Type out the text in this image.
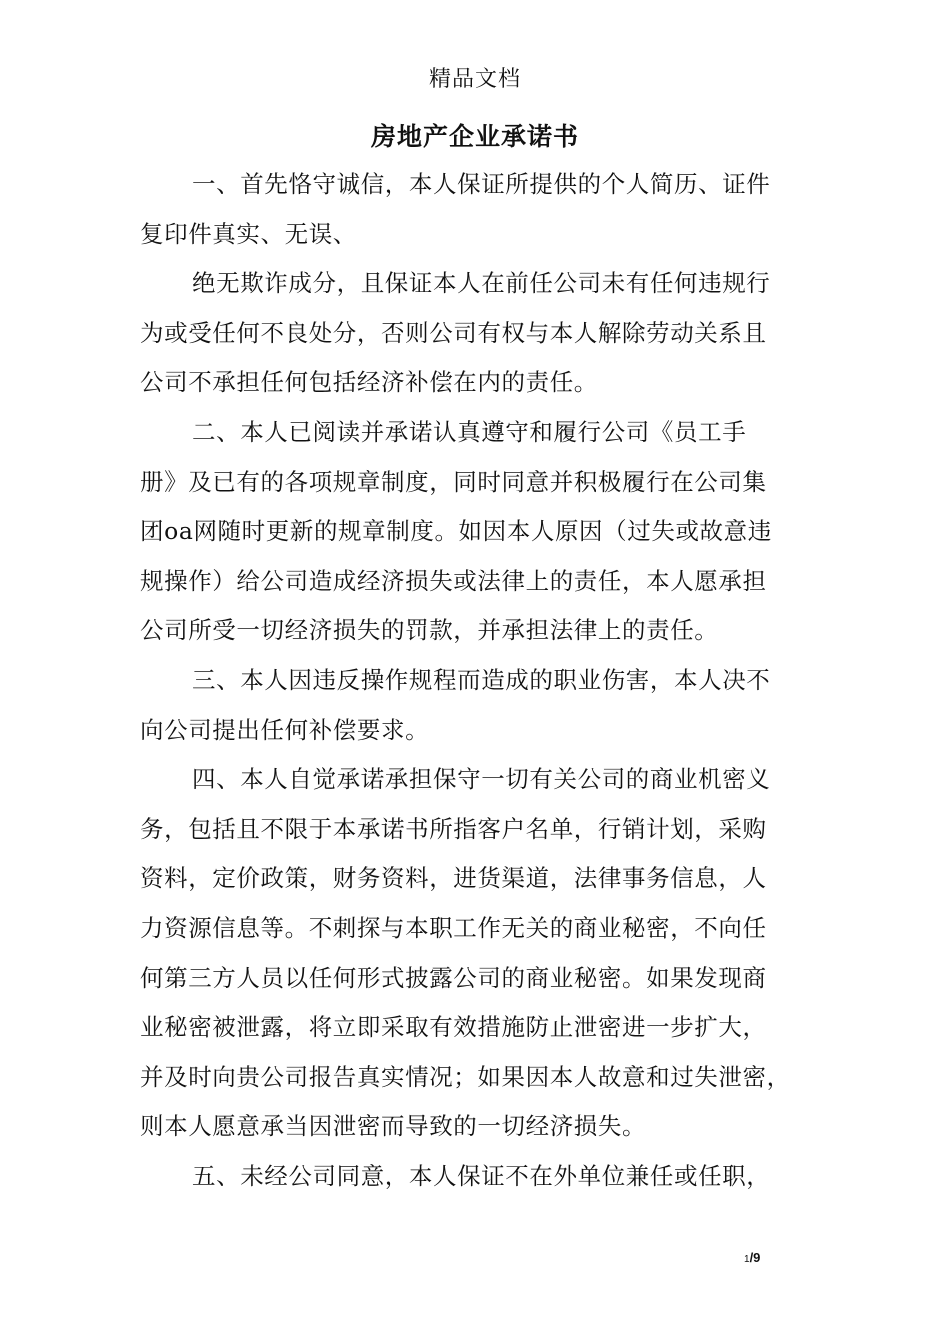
精品文档
房地产企业承诺书
一、首先恪守诚信，本人保证所提供的个人简历、证件
复印件真实、无误、
绝无欺诈成分，且保证本人在前任公司未有任何违规行
为或受任何不良处分，否则公司有权与本人解除劳动关系且
公司不承担任何包括经济补偿在内的责任。
二、本人已阅读并承诺认真遵守和履行公司《员工手
册》及已有的各项规章制度，同时同意并积极履行在公司集
团oa网随时更新的规章制度。如因本人原因（过失或故意违
规操作）给公司造成经济损失或法律上的责任，本人愿承担
公司所受一切经济损失的罚款，并承担法律上的责任。
三、本人因违反操作规程而造成的职业伤害，本人决不
向公司提出任何补偿要求。
四、本人自觉承诺承担保守一切有关公司的商业机密义
务，包括且不限于本承诺书所指客户名单，行销计划，采购
资料，定价政策，财务资料，进货渠道，法律事务信息，人
力资源信息等。不刺探与本职工作无关的商业秘密，不向任
何第三方人员以任何形式披露公司的商业秘密。如果发现商
业秘密被泄露，将立即采取有效措施防止泄密进一步扩大，
并及时向贵公司报告真实情况；如果因本人故意和过失泄密，
则本人愿意承当因泄密而导致的一切经济损失。
五、未经公司同意，本人保证不在外单位兼任或任职，
1/9
